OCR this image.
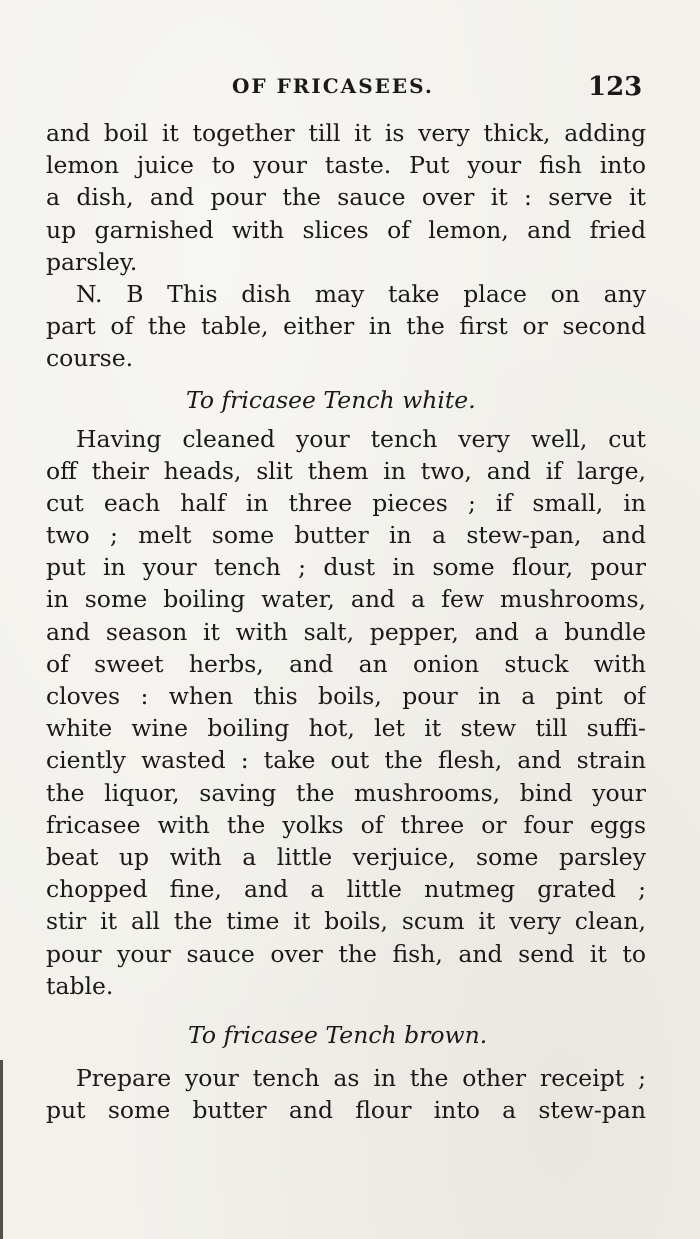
OF FRICASEES.	123
and boil it together till it is very thick, adding
lemon juice to your taste. Put your fish into
a dish, and pour the sauce over it : serve it
up garnished with slices of lemon, and fried
parsley.
N. B This dish may take place on any
part of the table, either in the first or second
course.
To fricasee Tench white.
Having cleaned your tench very well, cut
off their heads, slit them in two, and if large,
cut each half in three pieces ; if small, in
two ; melt some butter in a stew-pan, and
put in your tench ; dust in some flour, pour
in some boiling water, and a few mushrooms,
and season it with salt, pepper, and a bundle
of sweet herbs, and an onion stuck with
cloves : when this boils, pour in a pint of
white wine boiling hot, let it stew till suffi-
ciently wasted : take out the flesh, and strain
the liquor, saving the mushrooms, bind your
fricasee with the yolks of three or four eggs
beat up with a little verjuice, some parsley
chopped fine, and a little nutmeg grated ;
stir it all the time it boils, scum it very clean,
pour your sauce over the fish, and send it to
table.
To fricasee Tench brown.
Prepare your tench as in the other receipt ;
put some butter and flour into a stew-pan
